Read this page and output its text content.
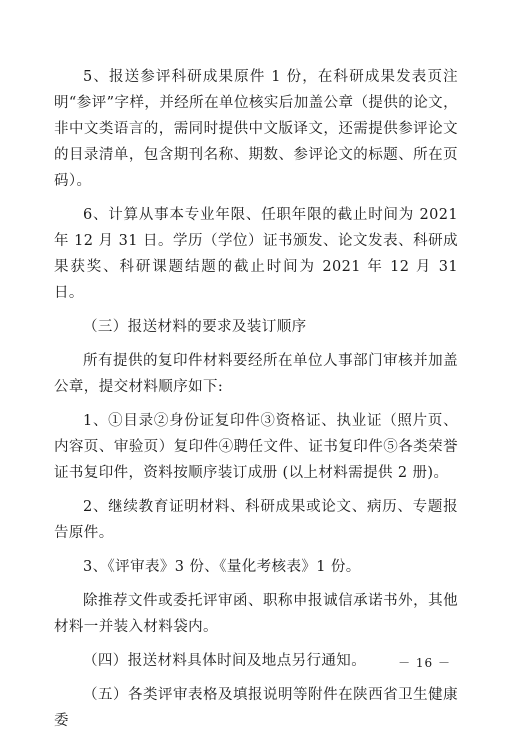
5、报送参评科研成果原件 1 份，在科研成果发表页注明“参评”字样，并经所在单位核实后加盖公章（提供的论文，非中文类语言的，需同时提供中文版译文，还需提供参评论文的目录清单，包含期刊名称、期数、参评论文的标题、所在页码）。

6、计算从事本专业年限、任职年限的截止时间为 2021 年 12 月 31 日。学历（学位）证书颁发、论文发表、科研成果获奖、科研课题结题的截止时间为 2021 年 12 月 31 日。

（三）报送材料的要求及装订顺序

所有提供的复印件材料要经所在单位人事部门审核并加盖公章，提交材料顺序如下:

1、①目录②身份证复印件③资格证、执业证（照片页、内容页、审验页）复印件④聘任文件、证书复印件⑤各类荣誉证书复印件，资料按顺序装订成册 (以上材料需提供 2 册)。

2、继续教育证明材料、科研成果或论文、病历、专题报告原件。

3、《评审表》3 份、《量化考核表》1 份。

除推荐文件或委托评审函、职称申报诚信承诺书外，其他材料一并装入材料袋内。

（四）报送材料具体时间及地点另行通知。

（五）各类评审表格及填报说明等附件在陕西省卫生健康委

－ 16 －
